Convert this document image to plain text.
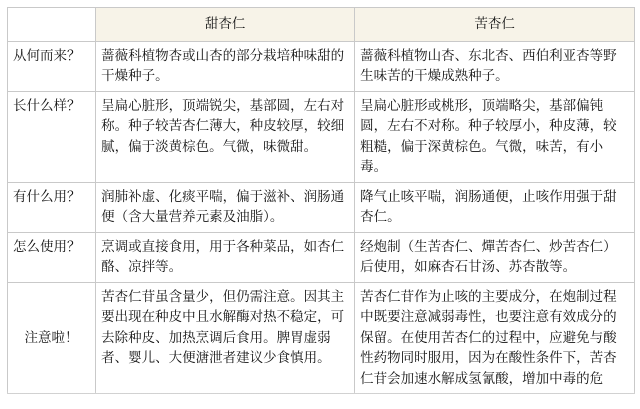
	甜杏仁	苦杏仁
从何而来？	蔷薇科植物杏或山杏的部分栽培种味甜的干燥种子。	蔷薇科植物山杏、东北杏、西伯利亚杏等野生味苦的干燥成熟种子。
长什么样？	呈扁心脏形，顶端锐尖，基部圆，左右对称。种子较苦杏仁薄大，种皮较厚，较细腻，偏于淡黄棕色。气微，味微甜。	呈扁心脏形或桃形，顶端略尖，基部偏钝圆，左右不对称。种子较厚小，种皮薄，较粗糙，偏于深黄棕色。气微，味苦，有小毒。
有什么用？	润肺补虚、化痰平喘，偏于滋补、润肠通便（含大量营养元素及油脂）。	降气止咳平喘，润肠通便，止咳作用强于甜杏仁。
怎么使用？	烹调或直接食用，用于各种菜品，如杏仁酪、凉拌等。	经炮制（生苦杏仁、燀苦杏仁、炒苦杏仁）后使用，如麻杏石甘汤、苏杏散等。
注意啦！	苦杏仁苷虽含量少，但仍需注意。因其主要出现在种皮中且水解酶对热不稳定，可去除种皮、加热烹调后食用。脾胃虚弱者、婴儿、大便溏泄者建议少食慎用。	苦杏仁苷作为止咳的主要成分，在炮制过程中既要注意减弱毒性，也要注意有效成分的保留。在使用苦杏仁的过程中，应避免与酸性药物同时服用，因为在酸性条件下，苦杏仁苷会加速水解成氢氰酸，增加中毒的危
